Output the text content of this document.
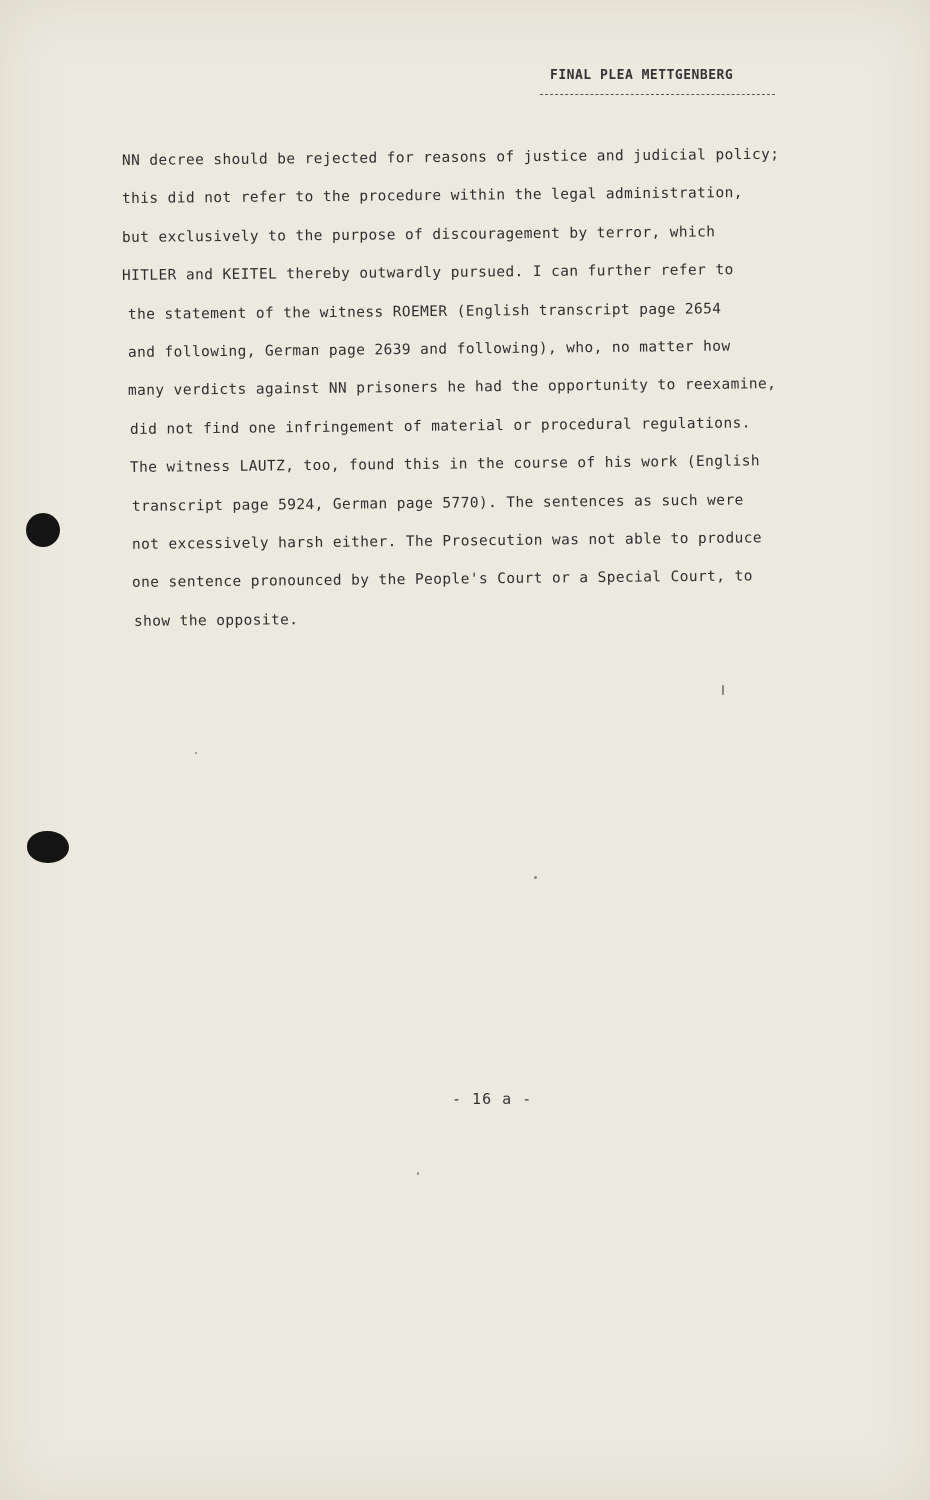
FINAL PLEA METTGENBERG
NN decree should be rejected for reasons of justice and judicial policy;
this did not refer to the procedure within the legal administration,
but exclusively to the purpose of discouragement by terror, which
HITLER and KEITEL thereby outwardly pursued. I can further refer to
the statement of the witness ROEMER (English transcript page 2654
and following, German page 2639 and following), who, no matter how
many verdicts against NN prisoners he had the opportunity to reexamine,
did not find one infringement of material or procedural regulations.
The witness LAUTZ, too, found this in the course of his work (English
transcript page 5924, German page 5770). The sentences as such were
not excessively harsh either. The Prosecution was not able to produce
one sentence pronounced by the People's Court or a Special Court, to
show the opposite.
- 16 a -
